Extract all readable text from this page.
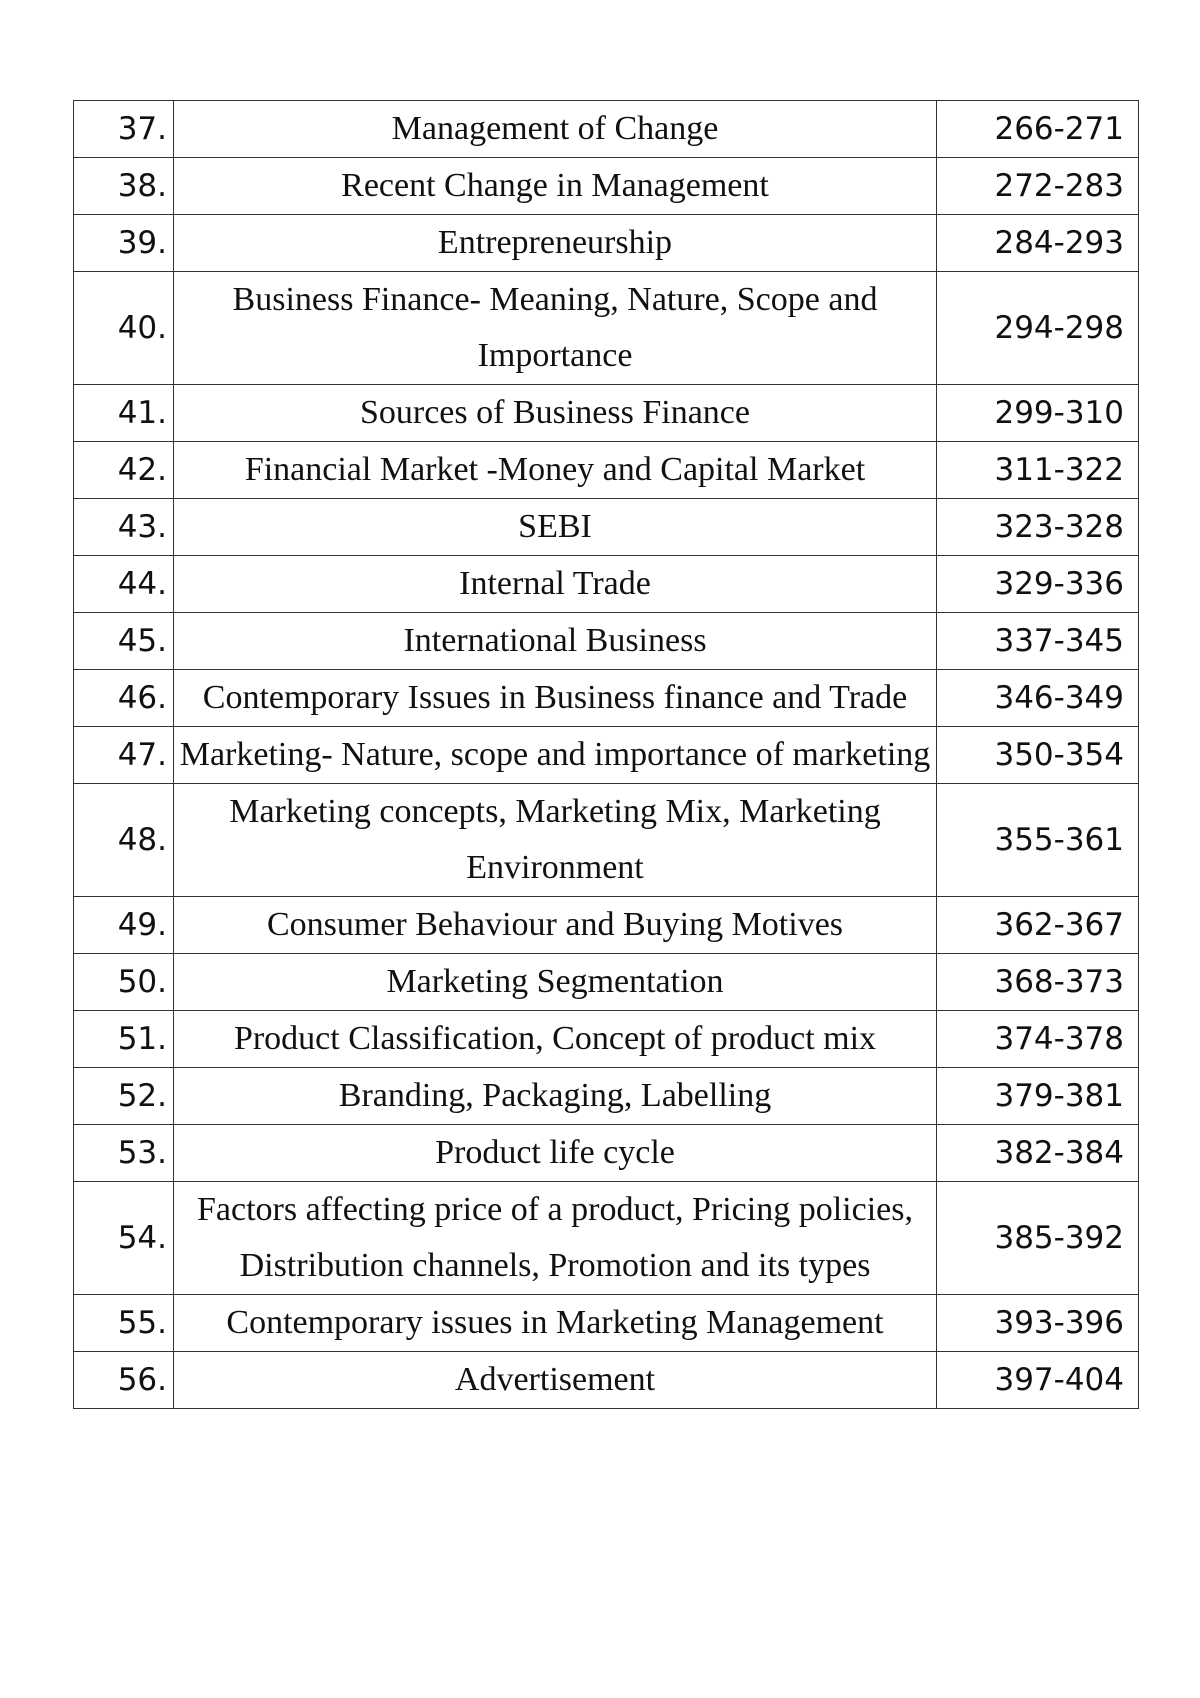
37.	Management of Change	266-271
38.	Recent Change in Management	272-283
39.	Entrepreneurship	284-293
40.	Business Finance- Meaning, Nature, Scope and Importance	294-298
41.	Sources of Business Finance	299-310
42.	Financial Market -Money and Capital Market	311-322
43.	SEBI	323-328
44.	Internal Trade	329-336
45.	International Business	337-345
46.	Contemporary Issues in Business finance and Trade	346-349
47.	Marketing- Nature, scope and importance of marketing	350-354
48.	Marketing concepts, Marketing Mix, Marketing Environment	355-361
49.	Consumer Behaviour and Buying Motives	362-367
50.	Marketing Segmentation	368-373
51.	Product Classification, Concept of product mix	374-378
52.	Branding, Packaging, Labelling	379-381
53.	Product life cycle	382-384
54.	Factors affecting price of a product, Pricing policies, Distribution channels, Promotion and its types	385-392
55.	Contemporary issues in Marketing Management	393-396
56.	Advertisement	397-404
